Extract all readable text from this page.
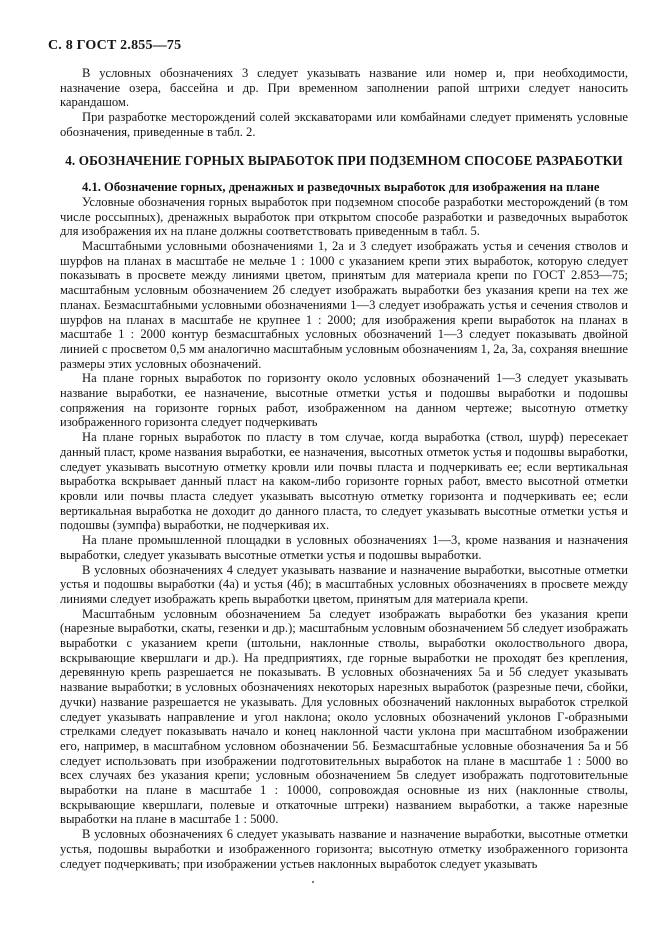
С. 8 ГОСТ 2.855—75

В условных обозначениях 3 следует указывать название или номер и, при необходимости, назначение озера, бассейна и др. При временном заполнении рапой штрихи следует наносить карандашом.

При разработке месторождений солей экскаваторами или комбайнами следует применять условные обозначения, приведенные в табл. 2.

4. ОБОЗНАЧЕНИЕ ГОРНЫХ ВЫРАБОТОК ПРИ ПОДЗЕМНОМ СПОСОБЕ РАЗРАБОТКИ

4.1. Обозначение горных, дренажных и разведочных выработок для изображения на плане

Условные обозначения горных выработок при подземном способе разработки месторождений (в том числе россыпных), дренажных выработок при открытом способе разработки и разведочных выработок для изображения их на плане должны соответствовать приведенным в табл. 5.

Масштабными условными обозначениями 1, 2а и 3 следует изображать устья и сечения стволов и шурфов на планах в масштабе не мельче 1 : 1000 с указанием крепи этих выработок, которую следует показывать в просвете между линиями цветом, принятым для материала крепи по ГОСТ 2.853—75; масштабным условным обозначением 2б следует изображать выработки без указания крепи на тех же планах. Безмасштабными условными обозначениями 1—3 следует изображать устья и сечения стволов и шурфов на планах в масштабе не крупнее 1 : 2000; для изображения крепи выработок на планах в масштабе 1 : 2000 контур безмасштабных условных обозначений 1—3 следует показывать двойной линией с просветом 0,5 мм аналогично масштабным условным обозначениям 1, 2а, 3а, сохраняя внешние размеры этих условных обозначений.

На плане горных выработок по горизонту около условных обозначений 1—3 следует указывать название выработки, ее назначение, высотные отметки устья и подошвы выработки и подошвы сопряжения на горизонте горных работ, изображенном на данном чертеже; высотную отметку изображенного горизонта следует подчеркивать

На плане горных выработок по пласту в том случае, когда выработка (ствол, шурф) пересекает данный пласт, кроме названия выработки, ее назначения, высотных отметок устья и подошвы выработки, следует указывать высотную отметку кровли или почвы пласта и подчеркивать ее; если вертикальная выработка вскрывает данный пласт на каком-либо горизонте горных работ, вместо высотной отметки кровли или почвы пласта следует указывать высотную отметку горизонта и подчеркивать ее; если вертикальная выработка не доходит до данного пласта, то следует указывать высотные отметки устья и подошвы (зумпфа) выработки, не подчеркивая их.

На плане промышленной площадки в условных обозначениях 1—3, кроме названия и назначения выработки, следует указывать высотные отметки устья и подошвы выработки.

В условных обозначениях 4 следует указывать название и назначение выработки, высотные отметки устья и подошвы выработки (4а) и устья (4б); в масштабных условных обозначениях в просвете между линиями следует изображать крепь выработки цветом, принятым для материала крепи.

Масштабным условным обозначением 5а следует изображать выработки без указания крепи (нарезные выработки, скаты, гезенки и др.); масштабным условным обозначением 5б следует изображать выработки с указанием крепи (штольни, наклонные стволы, выработки околоствольного двора, вскрывающие квершлаги и др.). На предприятиях, где горные выработки не проходят без крепления, деревянную крепь разрешается не показывать. В условных обозначениях 5а и 5б следует указывать название выработки; в условных обозначениях некоторых нарезных выработок (разрезные печи, сбойки, дучки) название разрешается не указывать. Для условных обозначений наклонных выработок стрелкой следует указывать направление и угол наклона; около условных обозначений уклонов Г-образными стрелками следует показывать начало и конец наклонной части уклона при масштабном изображении его, например, в масштабном условном обозначении 5б. Безмасштабные условные обозначения 5а и 5б следует использовать при изображении подготовительных выработок на плане в масштабе 1 : 5000 во всех случаях без указания крепи; условным обозначением 5в следует изображать подготовительные выработки на плане в масштабе 1 : 10000, сопровождая основные из них (наклонные стволы, вскрывающие квершлаги, полевые и откаточные штреки) названием выработки, а также нарезные выработки на плане в масштабе 1 : 5000.

В условных обозначениях 6 следует указывать название и назначение выработки, высотные отметки устья, подошвы выработки и изображенного горизонта; высотную отметку изображенного горизонта следует подчеркивать; при изображении устьев наклонных выработок следует указывать
